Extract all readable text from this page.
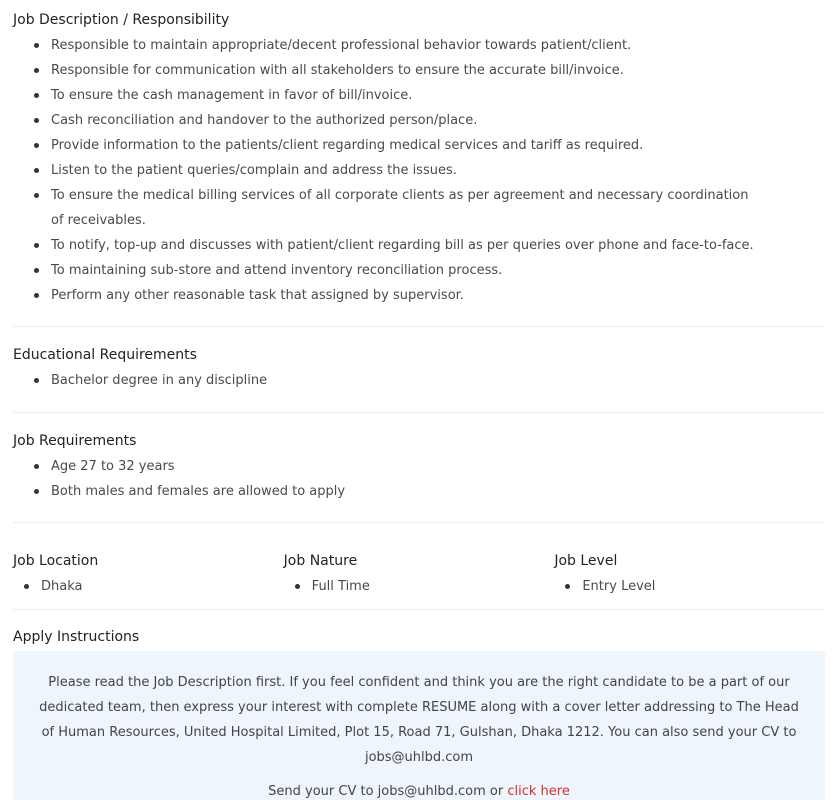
Job Description / Responsibility
Responsible to maintain appropriate/decent professional behavior towards patient/client.
Responsible for communication with all stakeholders to ensure the accurate bill/invoice.
To ensure the cash management in favor of bill/invoice.
Cash reconciliation and handover to the authorized person/place.
Provide information to the patients/client regarding medical services and tariff as required.
Listen to the patient queries/complain and address the issues.
To ensure the medical billing services of all corporate clients as per agreement and necessary coordination of receivables.
To notify, top-up and discusses with patient/client regarding bill as per queries over phone and face-to-face.
To maintaining sub-store and attend inventory reconciliation process.
Perform any other reasonable task that assigned by supervisor.
Educational Requirements
Bachelor degree in any discipline
Job Requirements
Age 27 to 32 years
Both males and females are allowed to apply
Job Location
Dhaka
Job Nature
Full Time
Job Level
Entry Level
Apply Instructions

Please read the Job Description first. If you feel confident and think you are the right candidate to be a part of our dedicated team, then express your interest with complete RESUME along with a cover letter addressing to The Head of Human Resources, United Hospital Limited, Plot 15, Road 71, Gulshan, Dhaka 1212. You can also send your CV to jobs@uhlbd.com

Send your CV to jobs@uhlbd.com or click here
